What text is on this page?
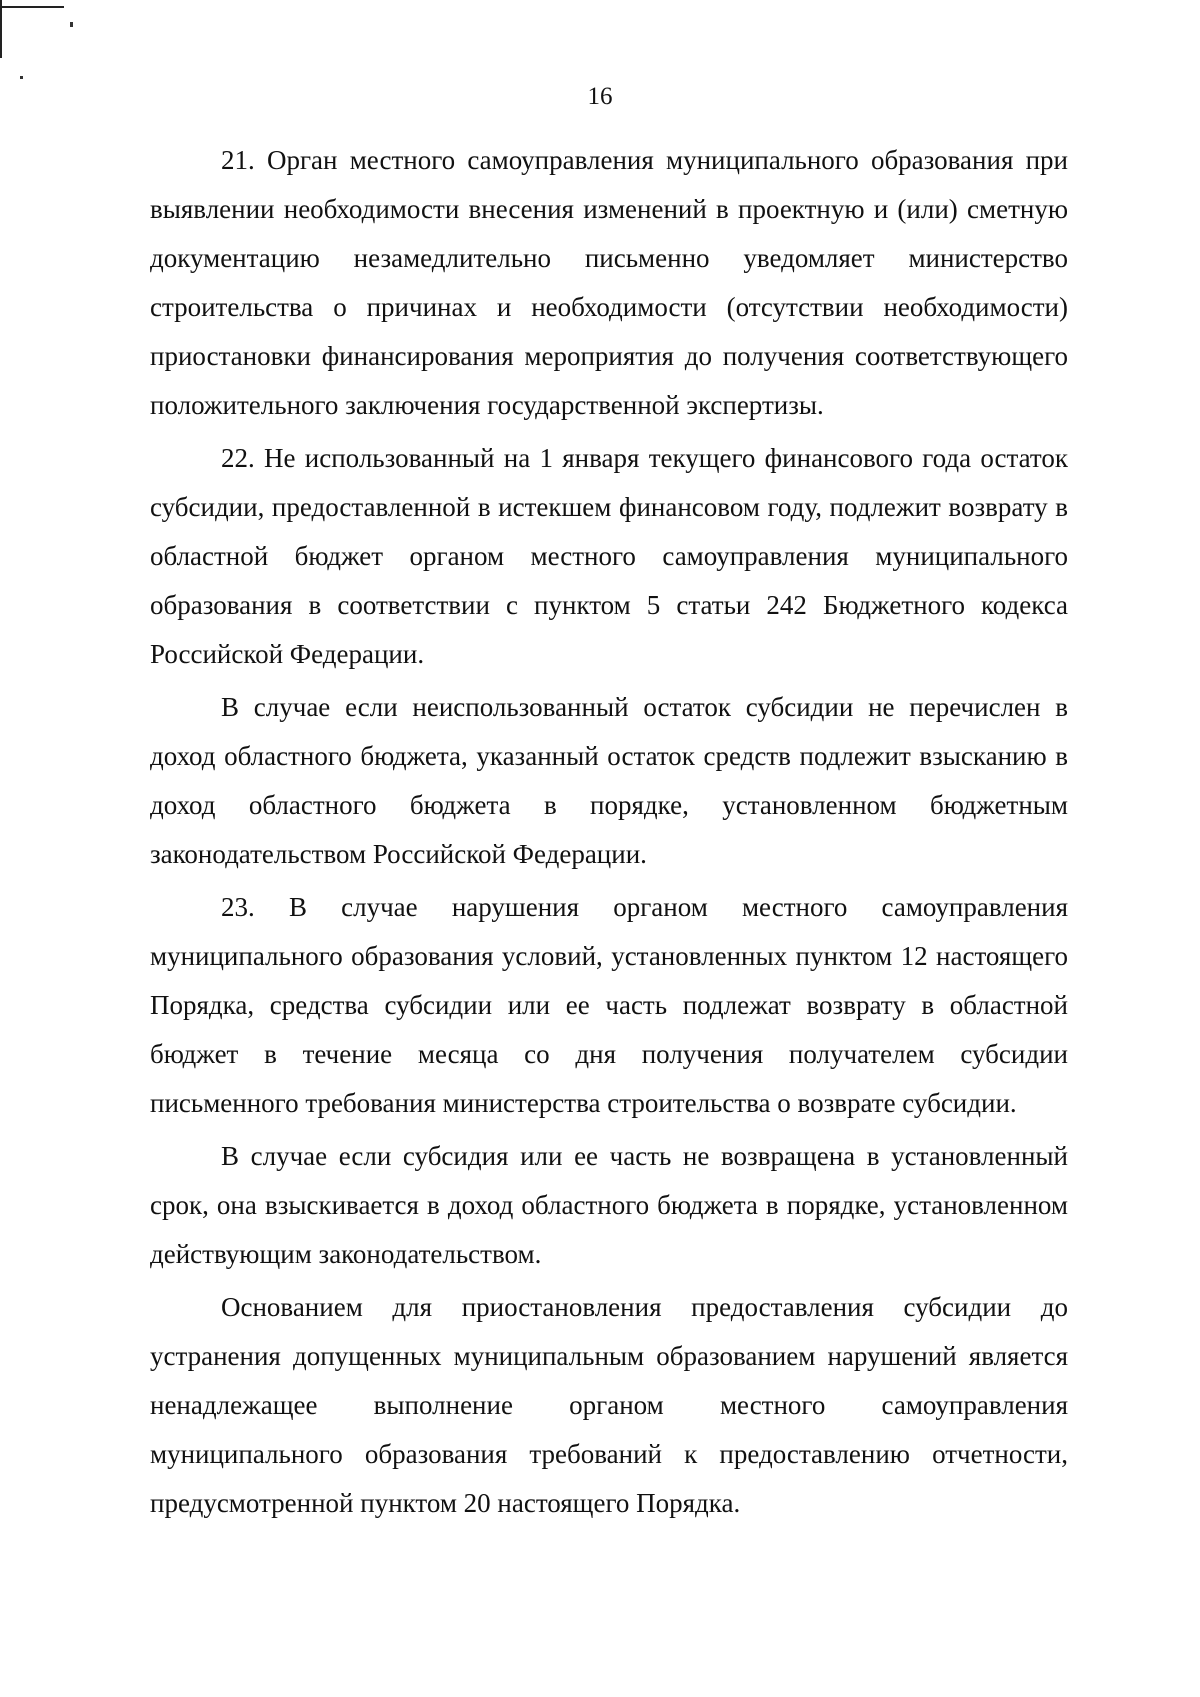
16

21. Орган местного самоуправления муниципального образования при выявлении необходимости внесения изменений в проектную и (или) сметную документацию незамедлительно письменно уведомляет министерство строительства о причинах и необходимости (отсутствии необходимости) приостановки финансирования мероприятия до получения соответствующего положительного заключения государственной экспертизы.

22. Не использованный на 1 января текущего финансового года остаток субсидии, предоставленной в истекшем финансовом году, подлежит возврату в областной бюджет органом местного самоуправления муниципального образования в соответствии с пунктом 5 статьи 242 Бюджетного кодекса Российской Федерации.

В случае если неиспользованный остаток субсидии не перечислен в доход областного бюджета, указанный остаток средств подлежит взысканию в доход областного бюджета в порядке, установленном бюджетным законодательством Российской Федерации.

23. В случае нарушения органом местного самоуправления муниципального образования условий, установленных пунктом 12 настоящего Порядка, средства субсидии или ее часть подлежат возврату в областной бюджет в течение месяца со дня получения получателем субсидии письменного требования министерства строительства о возврате субсидии.

В случае если субсидия или ее часть не возвращена в установленный срок, она взыскивается в доход областного бюджета в порядке, установленном действующим законодательством.

Основанием для приостановления предоставления субсидии до устранения допущенных муниципальным образованием нарушений является ненадлежащее выполнение органом местного самоуправления муниципального образования требований к предоставлению отчетности, предусмотренной пунктом 20 настоящего Порядка.
